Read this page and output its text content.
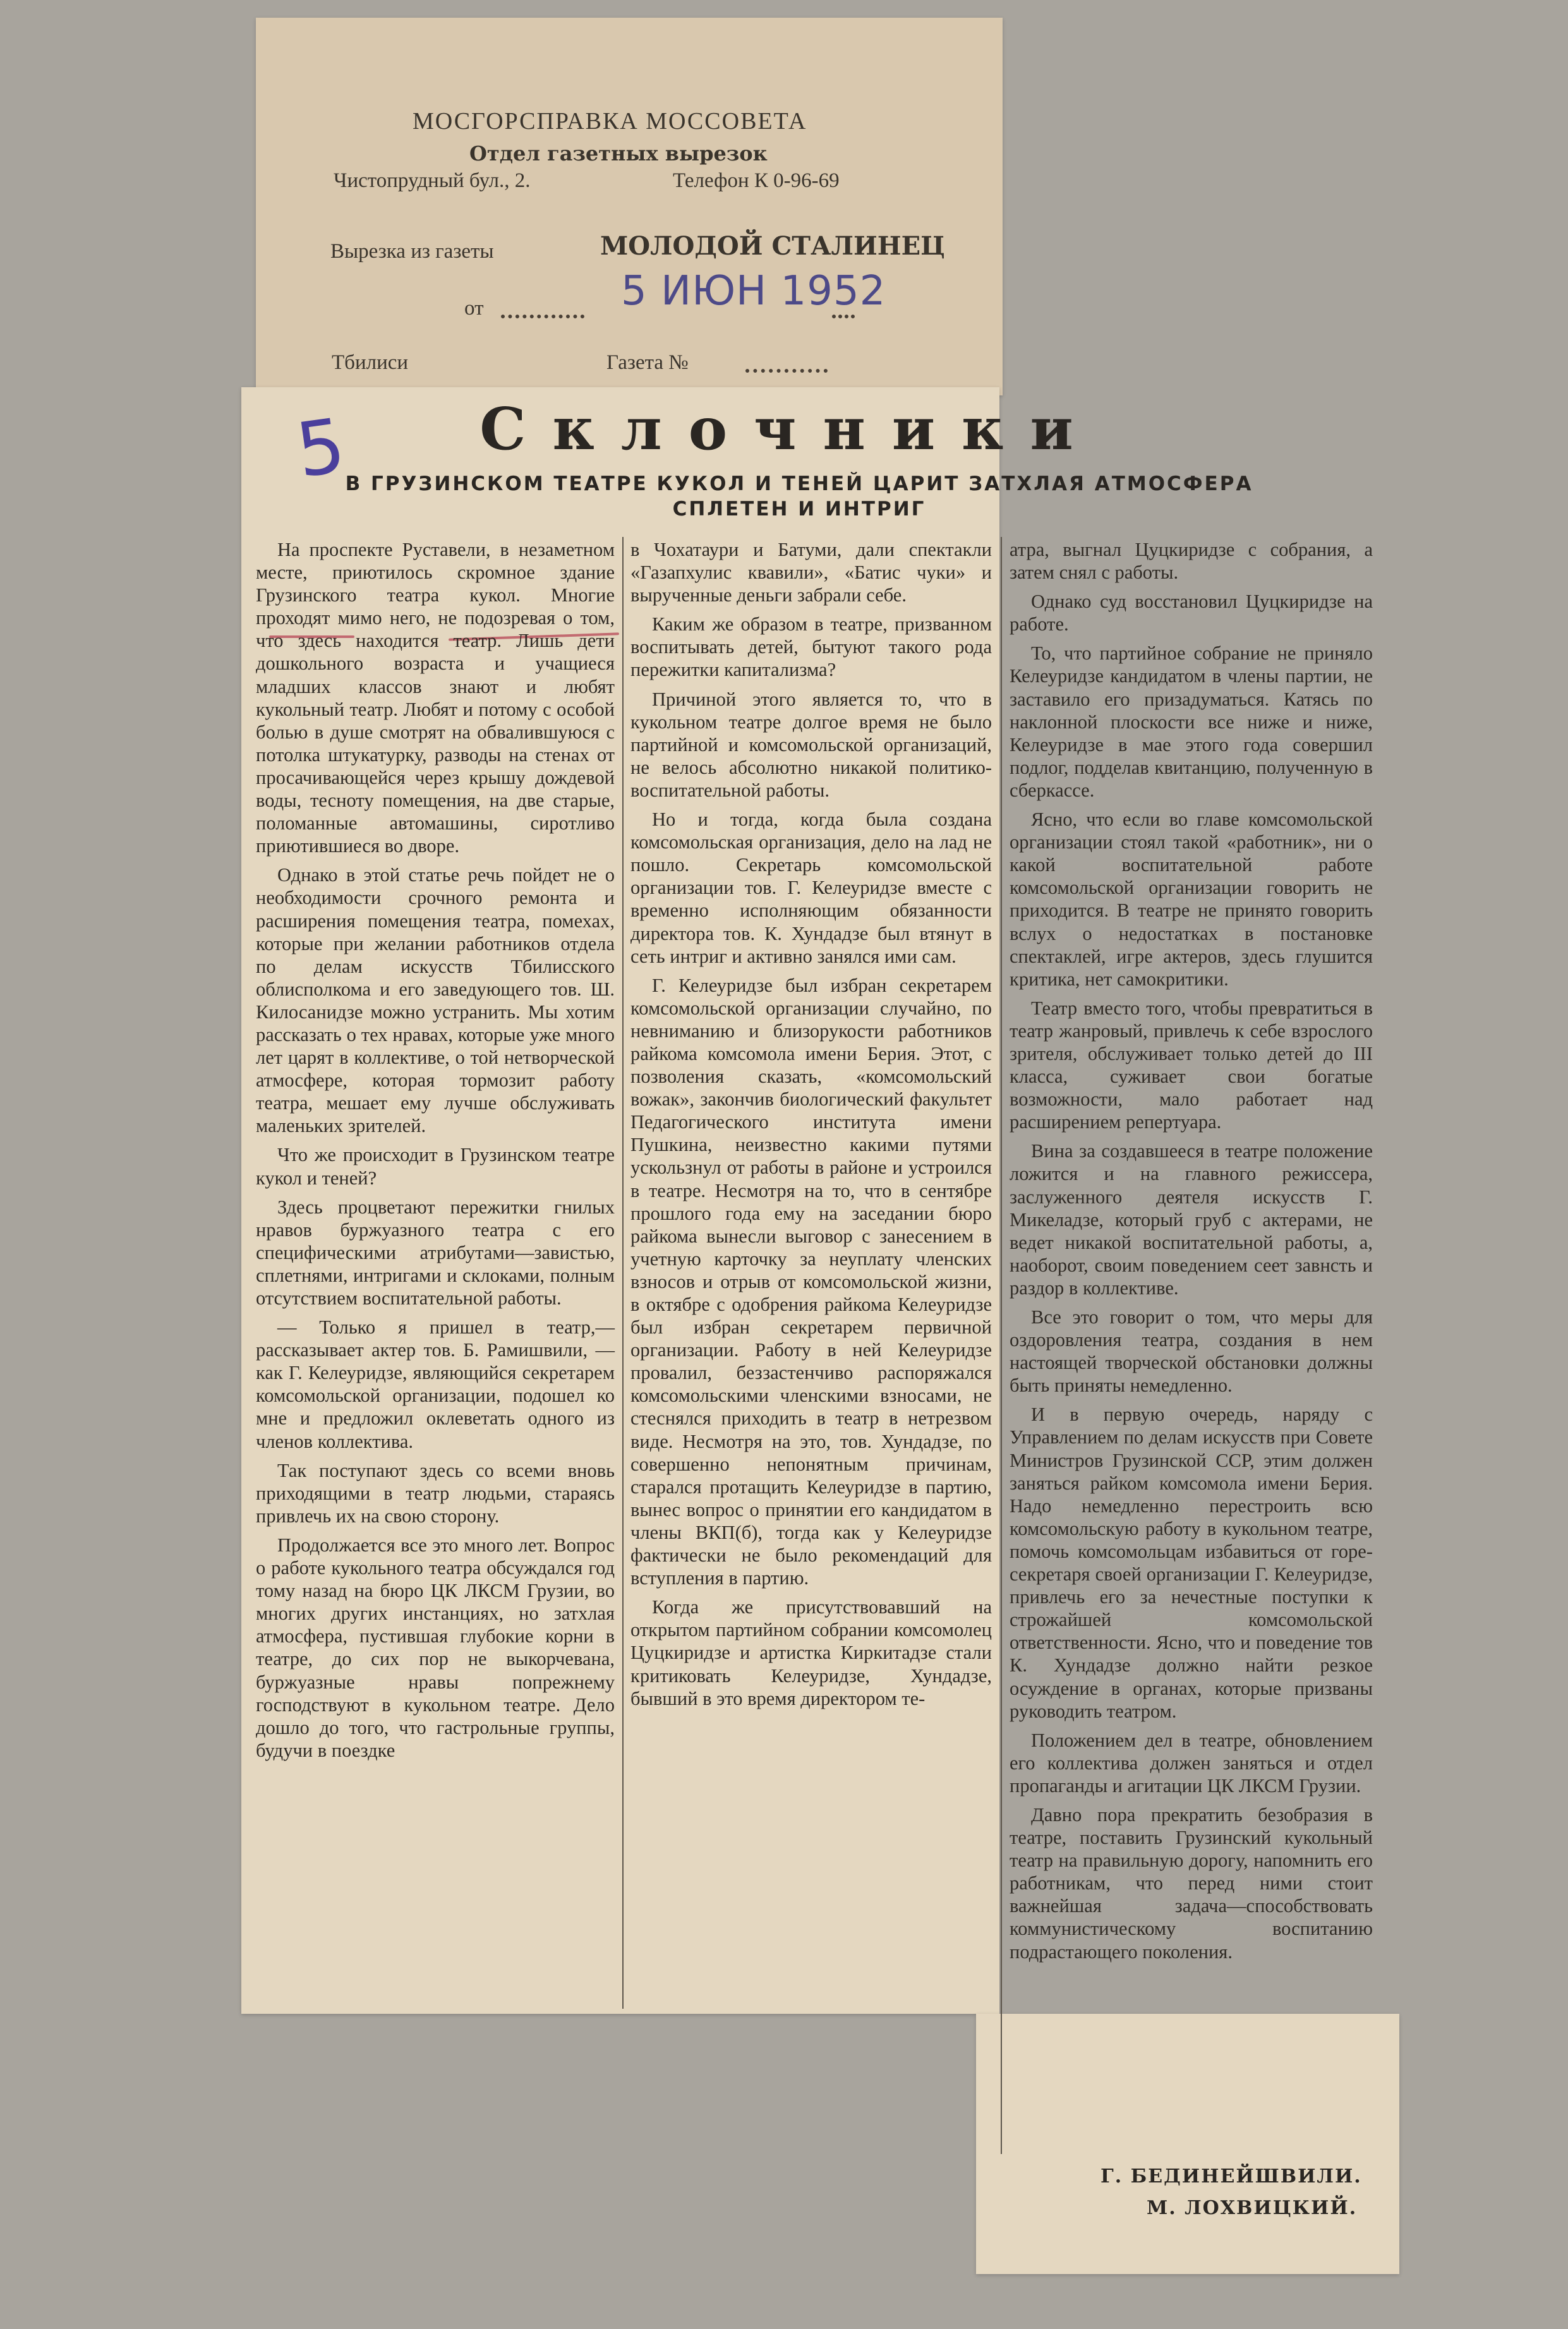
МОСГОРСПРАВКА МОССОВЕТА
Отдел газетных вырезок
Чистопрудный бул., 2.	Телефон К 0-96-69
Вырезка из газеты	МОЛОДОЙ СТАЛИНЕЦ
от	5 ИЮН 1952
Тбилиси	Газета №
5	Склочники
В ГРУЗИНСКОМ ТЕАТРЕ КУКОЛ И ТЕНЕЙ ЦАРИТ ЗАТХЛАЯ АТМОСФЕРА
СПЛЕТЕН И ИНТРИГ

На проспекте Руставели, в незаметном месте, приютилось скромное здание Грузинского театра кукол. Многие проходят мимо него, не подозревая о том, что здесь находится театр. Лишь дети дошкольного возраста и учащиеся младших классов знают и любят кукольный театр. Любят и потому с особой болью в душе смотрят на обвалившуюся с потолка штукатурку, разводы на стенах от просачивающейся через крышу дождевой воды, тесноту помещения, на две старые, поломанные автомашины, сиротливо приютившиеся во дворе.

Однако в этой статье речь пойдет не о необходимости срочного ремонта и расширения помещения театра, помехах, которые при желании работников отдела по делам искусств Тбилисского облисполкома и его заведующего тов. Ш. Килосанидзе можно устранить. Мы хотим рассказать о тех нравах, которые уже много лет царят в коллективе, о той нетворческой атмосфере, которая тормозит работу театра, мешает ему лучше обслуживать маленьких зрителей.

Что же происходит в Грузинском театре кукол и теней?

Здесь процветают пережитки гнилых нравов буржуазного театра с его специфическими атрибутами—завистью, сплетнями, интригами и склоками, полным отсутствием воспитательной работы.

— Только я пришел в театр,— рассказывает актер тов. Б. Рамишвили, — как Г. Келеуридзе, являющийся секретарем комсомольской организации, подошел ко мне и предложил оклеветать одного из членов коллектива.

Так поступают здесь со всеми вновь приходящими в театр людьми, стараясь привлечь их на свою сторону.

Продолжается все это много лет. Вопрос о работе кукольного театра обсуждался год тому назад на бюро ЦК ЛКСМ Грузии, во многих других инстанциях, но затхлая атмосфера, пустившая глубокие корни в театре, до сих пор не выкорчевана, буржуазные нравы попрежнему господствуют в кукольном театре. Дело дошло до того, что гастрольные группы, будучи в поездке

в Чохатаури и Батуми, дали спектакли «Газапхулис квавили», «Батис чуки» и вырученные деньги забрали себе.

Каким же образом в театре, призванном воспитывать детей, бытуют такого рода пережитки капитализма?

Причиной этого является то, что в кукольном театре долгое время не было партийной и комсомольской организаций, не велось абсолютно никакой политико-воспитательной работы.

Но и тогда, когда была создана комсомольская организация, дело на лад не пошло. Секретарь комсомольской организации тов. Г. Келеуридзе вместе с временно исполняющим обязанности директора тов. К. Хундадзе был втянут в сеть интриг и активно занялся ими сам.

Г. Келеуридзе был избран секретарем комсомольской организации случайно, по невниманию и близорукости работников райкома комсомола имени Берия. Этот, с позволения сказать, «комсомольский вожак», закончив биологический факультет Педагогического института имени Пушкина, неизвестно какими путями ускользнул от работы в районе и устроился в театре. Несмотря на то, что в сентябре прошлого года ему на заседании бюро райкома вынесли выговор с занесением в учетную карточку за неуплату членских взносов и отрыв от комсомольской жизни, в октябре с одобрения райкома Келеуридзе был избран секретарем первичной организации. Работу в ней Келеуридзе провалил, беззастенчиво распоряжался комсомольскими членскими взносами, не стеснялся приходить в театр в нетрезвом виде. Несмотря на это, тов. Хундадзе, по совершенно непонятным причинам, старался протащить Келеуридзе в партию, вынес вопрос о принятии его кандидатом в члены ВКП(б), тогда как у Келеуридзе фактически не было рекомендаций для вступления в партию.

Когда же присутствовавший на открытом партийном собрании комсомолец Цуцкиридзе и артистка Киркитадзе стали критиковать Келеуридзе, Хундадзе, бывший в это время директором те-

атра, выгнал Цуцкиридзе с собрания, а затем снял с работы.

Однако суд восстановил Цуцкиридзе на работе.

То, что партийное собрание не приняло Келеуридзе кандидатом в члены партии, не заставило его призадуматься. Катясь по наклонной плоскости все ниже и ниже, Келеуридзе в мае этого года совершил подлог, подделав квитанцию, полученную в сберкассе.

Ясно, что если во главе комсомольской организации стоял такой «работник», ни о какой воспитательной работе комсомольской организации говорить не приходится. В театре не принято говорить вслух о недостатках в постановке спектаклей, игре актеров, здесь глушится критика, нет самокритики.

Театр вместо того, чтобы превратиться в театр жанровый, привлечь к себе взрослого зрителя, обслуживает только детей до III класса, суживает свои богатые возможности, мало работает над расширением репертуара.

Вина за создавшееся в театре положение ложится и на главного режиссера, заслуженного деятеля искусств Г. Микеладзе, который груб с актерами, не ведет никакой воспитательной работы, а, наоборот, своим поведением сеет завнсть и раздор в коллективе.

Все это говорит о том, что меры для оздоровления театра, создания в нем настоящей творческой обстановки должны быть приняты немедленно.

И в первую очередь, наряду с Управлением по делам искусств при Совете Министров Грузинской ССР, этим должен заняться райком комсомола имени Берия. Надо немедленно перестроить всю комсомольскую работу в кукольном театре, помочь комсомольцам избавиться от горе-секретаря своей организации Г. Келеуридзе, привлечь его за нечестные поступки к строжайшей комсомольской ответственности. Ясно, что и поведение тов К. Хундадзе должно найти резкое осуждение в органах, которые призваны руководить театром.

Положением дел в театре, обновлением его коллектива должен заняться и отдел пропаганды и агитации ЦК ЛКСМ Грузии.

Давно пора прекратить безобразия в театре, поставить Грузинский кукольный театр на правильную дорогу, напомнить его работникам, что перед ними стоит важнейшая задача—способствовать коммунистическому воспитанию подрастающего поколения.

Г. БЕДИНЕЙШВИЛИ.
М. ЛОХВИЦКИЙ.
